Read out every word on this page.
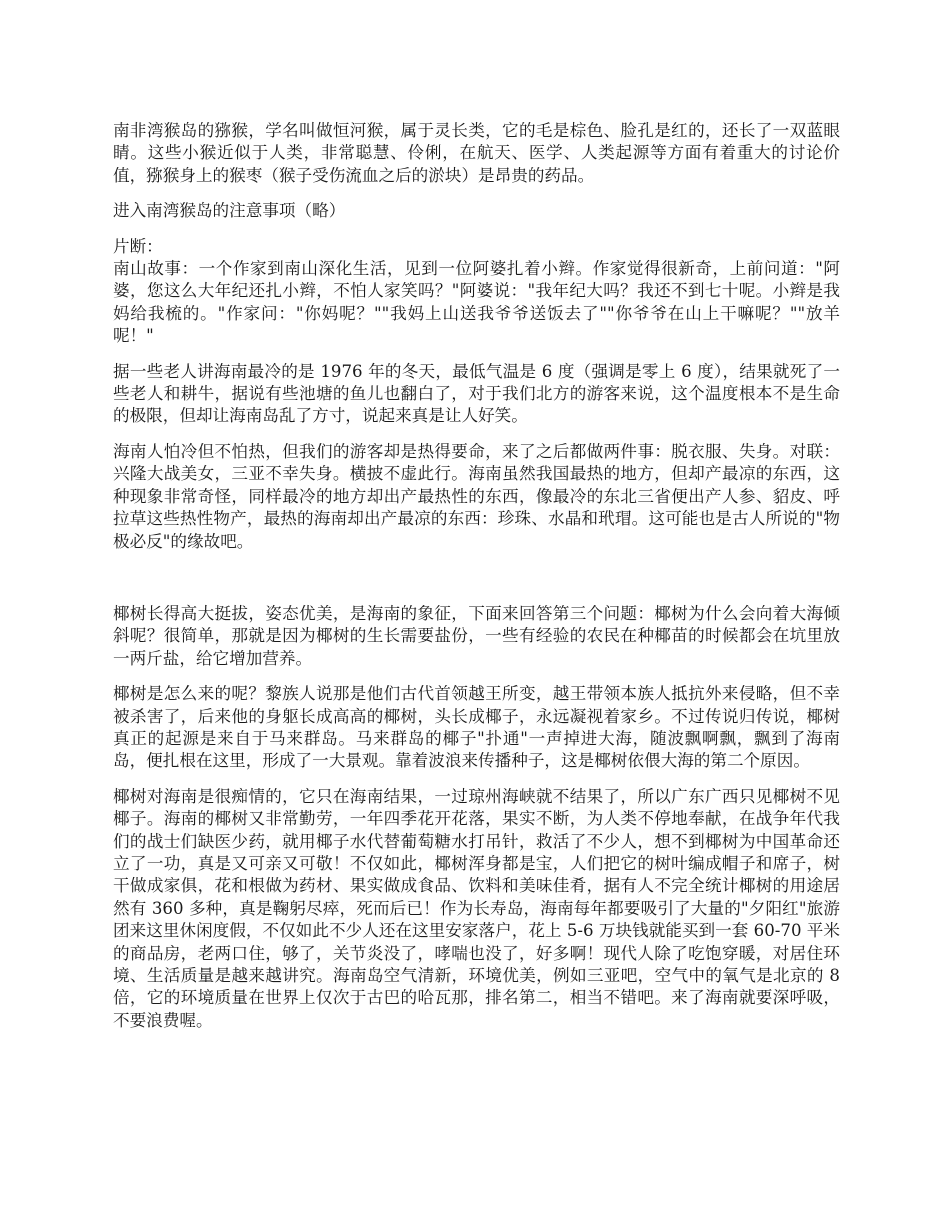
南非湾猴岛的猕猴，学名叫做恒河猴，属于灵长类，它的毛是棕色、脸孔是红的，还长了一双蓝眼睛。这些小猴近似于人类，非常聪慧、伶俐，在航天、医学、人类起源等方面有着重大的讨论价值，猕猴身上的猴枣（猴子受伤流血之后的淤块）是昂贵的药品。

进入南湾猴岛的注意事项（略）

片断：

南山故事：一个作家到南山深化生活，见到一位阿婆扎着小辫。作家觉得很新奇，上前问道："阿婆，您这么大年纪还扎小辫，不怕人家笑吗？"阿婆说："我年纪大吗？我还不到七十呢。小辫是我妈给我梳的。"作家问："你妈呢？""我妈上山送我爷爷送饭去了""你爷爷在山上干嘛呢？""放羊呢！"

据一些老人讲海南最冷的是 1976 年的冬天，最低气温是 6 度（强调是零上 6 度），结果就死了一些老人和耕牛，据说有些池塘的鱼儿也翻白了，对于我们北方的游客来说，这个温度根本不是生命的极限，但却让海南岛乱了方寸，说起来真是让人好笑。

海南人怕冷但不怕热，但我们的游客却是热得要命，来了之后都做两件事：脱衣服、失身。对联：兴隆大战美女，三亚不幸失身。横披不虚此行。海南虽然我国最热的地方，但却产最凉的东西，这种现象非常奇怪，同样最冷的地方却出产最热性的东西，像最冷的东北三省便出产人参、貂皮、呼拉草这些热性物产，最热的海南却出产最凉的东西：珍珠、水晶和玳瑁。这可能也是古人所说的"物极必反"的缘故吧。

椰树长得高大挺拔，姿态优美，是海南的象征，下面来回答第三个问题：椰树为什么会向着大海倾斜呢？很简单，那就是因为椰树的生长需要盐份，一些有经验的农民在种椰苗的时候都会在坑里放一两斤盐，给它增加营养。

椰树是怎么来的呢？黎族人说那是他们古代首领越王所变，越王带领本族人抵抗外来侵略，但不幸被杀害了，后来他的身躯长成高高的椰树，头长成椰子，永远凝视着家乡。不过传说归传说，椰树真正的起源是来自于马来群岛。马来群岛的椰子"扑通"一声掉进大海，随波飘啊飘，飘到了海南岛，便扎根在这里，形成了一大景观。靠着波浪来传播种子，这是椰树依偎大海的第二个原因。

椰树对海南是很痴情的，它只在海南结果，一过琼州海峡就不结果了，所以广东广西只见椰树不见椰子。海南的椰树又非常勤劳，一年四季花开花落，果实不断，为人类不停地奉献，在战争年代我们的战士们缺医少药，就用椰子水代替葡萄糖水打吊针，救活了不少人，想不到椰树为中国革命还立了一功，真是又可亲又可敬！不仅如此，椰树浑身都是宝，人们把它的树叶编成帽子和席子，树干做成家俱，花和根做为药材、果实做成食品、饮料和美味佳肴，据有人不完全统计椰树的用途居然有 360 多种，真是鞠躬尽瘁，死而后已！作为长寿岛，海南每年都要吸引了大量的"夕阳红"旅游团来这里休闲度假，不仅如此不少人还在这里安家落户，花上 5-6 万块钱就能买到一套 60-70 平米的商品房，老两口住，够了，关节炎没了，哮喘也没了，好多啊！现代人除了吃饱穿暖，对居住环境、生活质量是越来越讲究。海南岛空气清新，环境优美，例如三亚吧，空气中的氧气是北京的 8 倍，它的环境质量在世界上仅次于古巴的哈瓦那，排名第二，相当不错吧。来了海南就要深呼吸，不要浪费喔。
